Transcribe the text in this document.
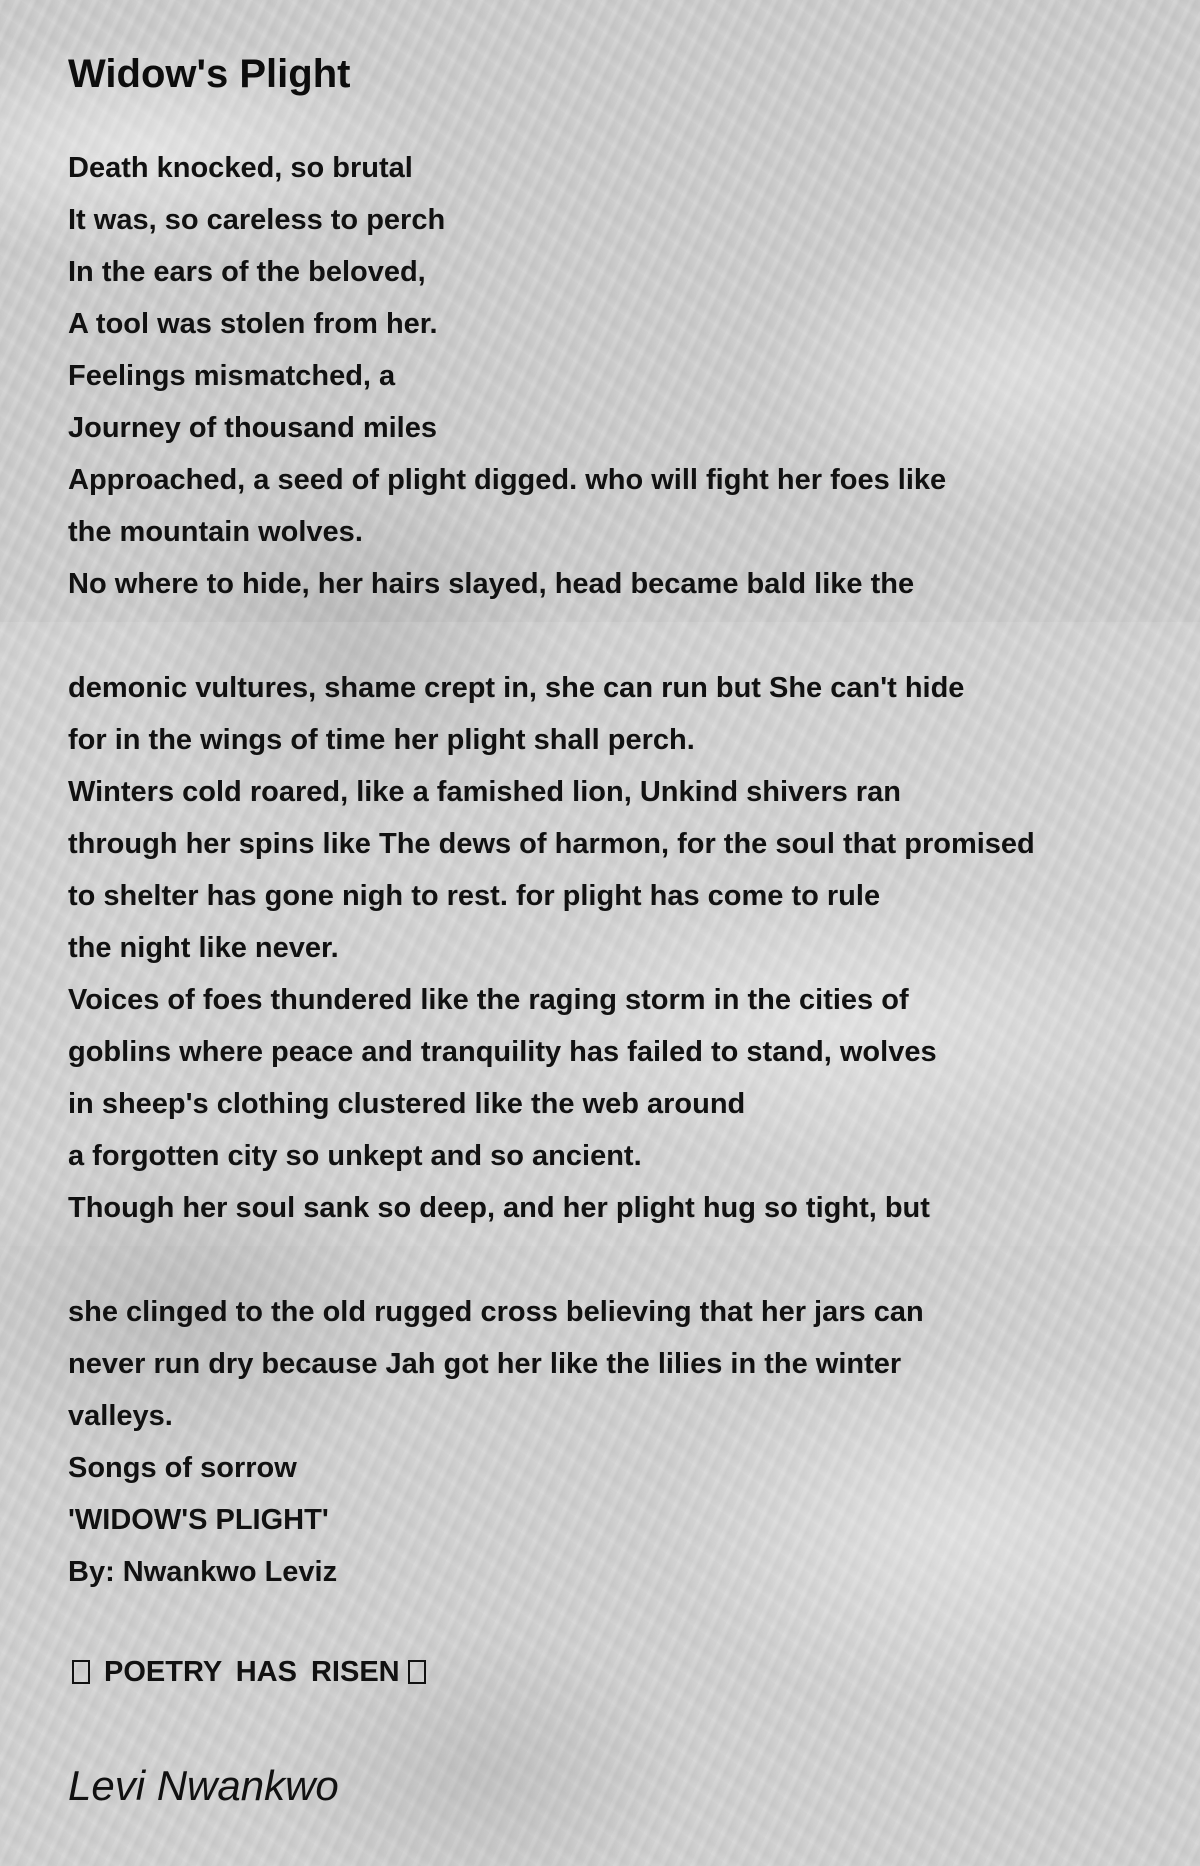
Widow's Plight
Death knocked, so brutal
It was, so careless to perch
In the ears of the beloved,
A tool was stolen from her.
Feelings mismatched, a
Journey of thousand miles
Approached, a seed of plight digged. who will fight her foes like
the mountain wolves.
No where to hide, her hairs slayed, head became bald like the
demonic vultures, shame crept in, she can run but She can't hide
for in the wings of time her plight shall perch.
Winters cold roared, like a famished lion, Unkind shivers ran
through her spins like The dews of harmon, for the soul that promised
to shelter has gone nigh to rest. for plight has come to rule
the night like never.
Voices of foes thundered like the raging storm in the cities of
goblins where peace and tranquility has failed to stand, wolves
in sheep's clothing clustered like the web around
a forgotten city so unkept and so ancient.
Though her soul sank so deep, and her plight hug so tight, but
she clinged to the old rugged cross believing that her jars can
never run dry because Jah got her like the lilies in the winter
valleys.
Songs of sorrow
'WIDOW'S PLIGHT'
By: Nwankwo Leviz
POETRY HAS RISEN
Levi Nwankwo
